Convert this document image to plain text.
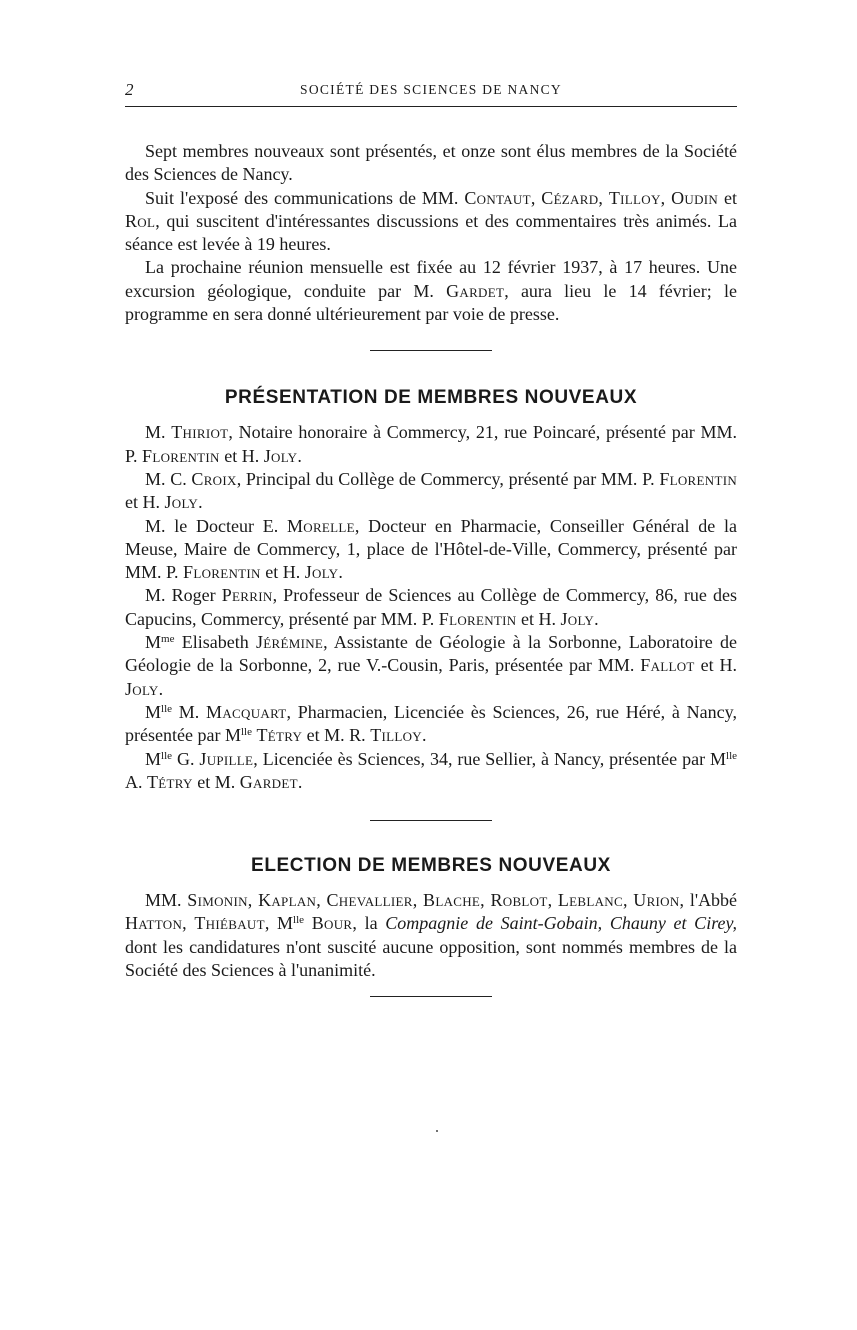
2	SOCIÉTÉ DES SCIENCES DE NANCY

Sept membres nouveaux sont présentés, et onze sont élus membres de la Société des Sciences de Nancy.

Suit l'exposé des communications de MM. Contaut, Cézard, Tilloy, Oudin et Rol, qui suscitent d'intéressantes discussions et des commentaires très animés. La séance est levée à 19 heures.

La prochaine réunion mensuelle est fixée au 12 février 1937, à 17 heures. Une excursion géologique, conduite par M. Gardet, aura lieu le 14 février; le programme en sera donné ultérieurement par voie de presse.

PRÉSENTATION DE MEMBRES NOUVEAUX

M. Thiriot, Notaire honoraire à Commercy, 21, rue Poincaré, présenté par MM. P. Florentin et H. Joly.

M. C. Croix, Principal du Collège de Commercy, présenté par MM. P. Florentin et H. Joly.

M. le Docteur E. Morelle, Docteur en Pharmacie, Conseiller Général de la Meuse, Maire de Commercy, 1, place de l'Hôtel-de-Ville, Commercy, présenté par MM. P. Florentin et H. Joly.

M. Roger Perrin, Professeur de Sciences au Collège de Commercy, 86, rue des Capucins, Commercy, présenté par MM. P. Florentin et H. Joly.

$M^{me}$ Elisabeth Jérémine, Assistante de Géologie à la Sorbonne, Laboratoire de Géologie de la Sorbonne, 2, rue V.-Cousin, Paris, présentée par MM. Fallot et H. Joly.

$M^{lle}$ M. Macquart, Pharmacien, Licenciée ès Sciences, 26, rue Héré, à Nancy, présentée par $M^{lle}$ Tétry et M. R. Tilloy.

$M^{lle}$ G. Jupille, Licenciée ès Sciences, 34, rue Sellier, à Nancy, présentée par $M^{lle}$ A. Tétry et M. Gardet.

ELECTION DE MEMBRES NOUVEAUX

MM. Simonin, Kaplan, Chevallier, Blache, Roblot, Leblanc, Urion, l'Abbé Hatton, Thiébaut, $M^{lle}$ Bour, la Compagnie de Saint-Gobain, Chauny et Cirey, dont les candidatures n'ont suscité aucune opposition, sont nommés membres de la Société des Sciences à l'unanimité.
